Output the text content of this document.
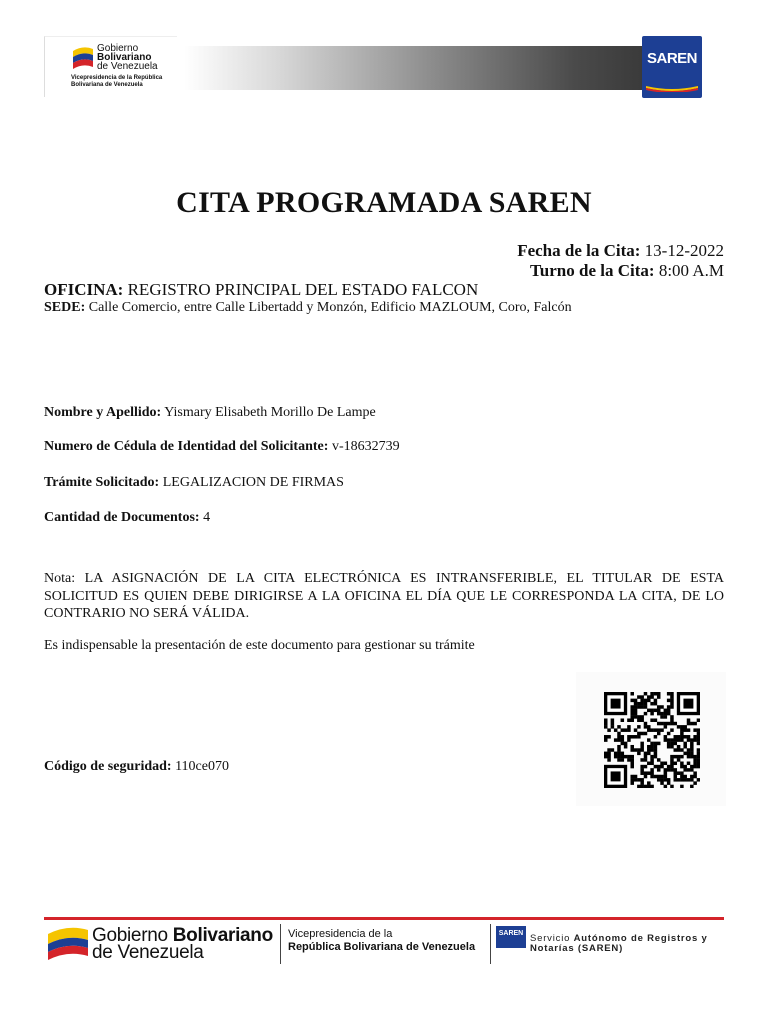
Gobierno
Bolivariano
de Venezuela
Vicepresidencia de la República
Bolivariana de Venezuela
SAREN
CITA PROGRAMADA SAREN
Fecha de la Cita: 13-12-2022
Turno de la Cita: 8:00 A.M
OFICINA: REGISTRO PRINCIPAL DEL ESTADO FALCON
SEDE: Calle Comercio, entre Calle Libertadd y Monzón, Edificio MAZLOUM, Coro, Falcón
Nombre y Apellido: Yismary Elisabeth Morillo De Lampe
Numero de Cédula de Identidad del Solicitante: v-18632739
Trámite Solicitado: LEGALIZACION DE FIRMAS
Cantidad de Documentos: 4
Nota: LA ASIGNACIÓN DE LA CITA ELECTRÓNICA ES INTRANSFERIBLE, EL TITULAR DE ESTA SOLICITUD ES QUIEN DEBE DIRIGIRSE A LA OFICINA EL DÍA QUE LE CORRESPONDA LA CITA, DE LO CONTRARIO NO SERÁ VÁLIDA.
Es indispensable la presentación de este documento para gestionar su trámite
Código de seguridad: 110ce070
Gobierno Bolivariano
de Venezuela
Vicepresidencia de la
República Bolivariana de Venezuela
SAREN Servicio Autónomo de Registros y
Notarías (SAREN)
